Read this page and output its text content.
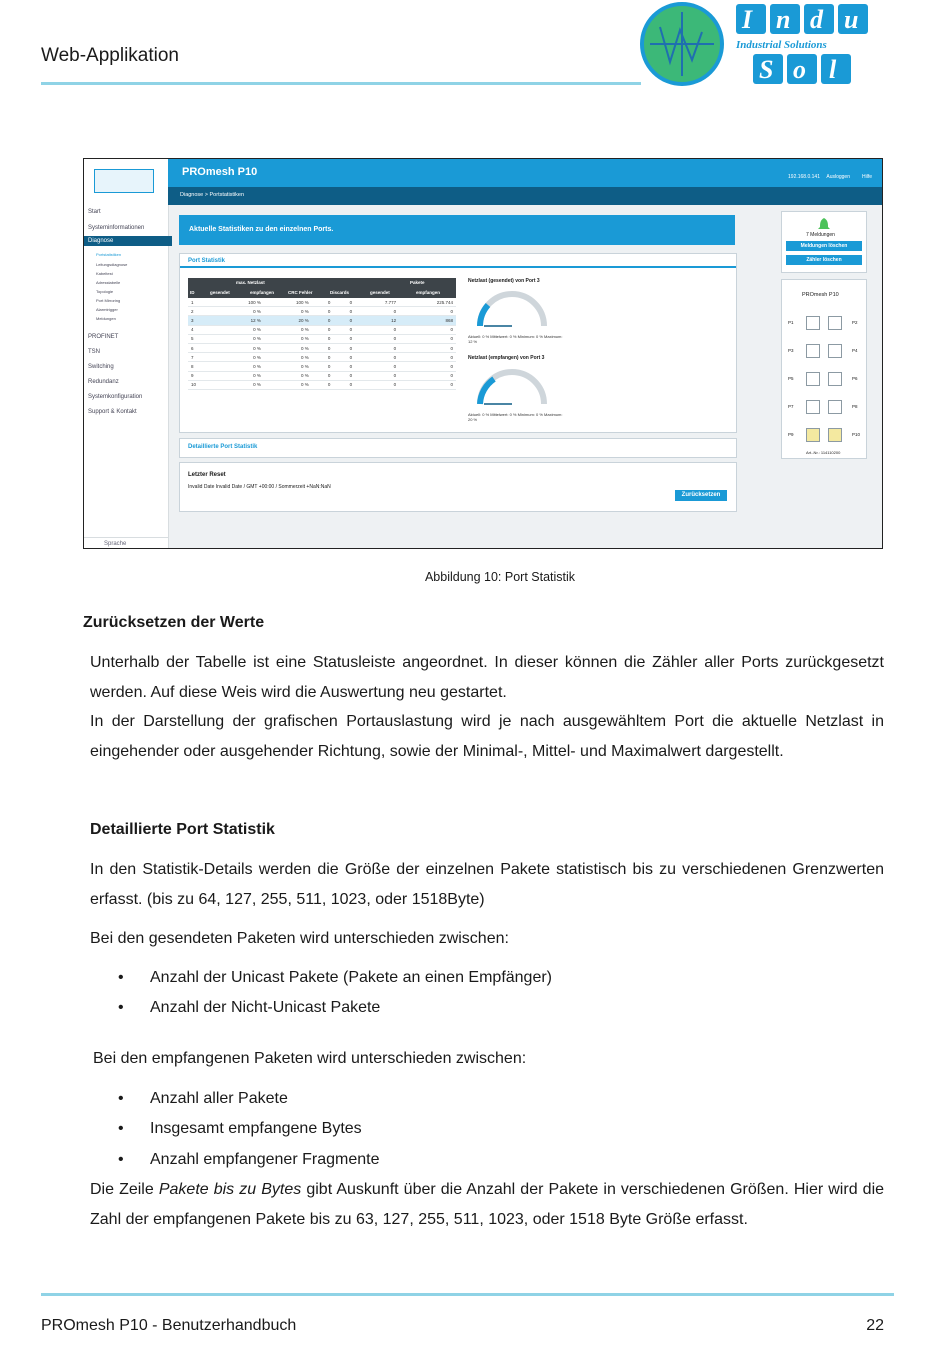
Web-Applikation
I n d u
Industrial Solutions
S o l
Start
Systeminformationen
Diagnose
Portstatistiken
Leitungsdiagnose
Kabeltest
Adresstabelle
Topologie
Port Mirroring
Alarmtrigger
Meldungen
PROFINET
TSN
Switching
Redundanz
Systemkonfiguration
Support & Kontakt
Sprache
PROmesh P10	192.168.0.141 Ausloggen Hilfe
Diagnose > Portstatistiken
Aktuelle Statistiken zu den einzelnen Ports.
Port Statistik
max. Netzlast	Pakete
ID	gesendet	empfangen	CRC Fehler	Discards	gesendet	empfangen
1	100 %	100 %	0	0	7.777	225.744
2	0 %	0 %	0	0	0	0
3	12 %	20 %	0	0	12	868
4	0 %	0 %	0	0	0	0
5	0 %	0 %	0	0	0	0
6	0 %	0 %	0	0	0	0
7	0 %	0 %	0	0	0	0
8	0 %	0 %	0	0	0	0
9	0 %	0 %	0	0	0	0
10	0 %	0 %	0	0	0	0
Netzlast (gesendet) von Port 3
Aktuell: 0 % Mittelwert: 0 % Minimum: 0 % Maximum: 12 %
Netzlast (empfangen) von Port 3
Aktuell: 0 % Mittelwert: 0 % Minimum: 0 % Maximum: 20 %
Detaillierte Port Statistik
Letzter Reset
Invalid Date Invalid Date / GMT +00:00 / Sommerzeit +NaN:NaN
Zurücksetzen
7 Meldungen
Meldungen löschen
Zähler löschen
PROmesh P10
P1	P2
P3	P4
P5	P6
P7	P8
P9	P10
Art.-Nr.: 114110200
Abbildung 10: Port Statistik
Zurücksetzen der Werte
Unterhalb der Tabelle ist eine Statusleiste angeordnet. In dieser können die Zähler aller Ports zurückgesetzt werden. Auf diese Weis wird die Auswertung neu gestartet.
In der Darstellung der grafischen Portauslastung wird je nach ausgewähltem Port die aktuelle Netzlast in eingehender oder ausgehender Richtung, sowie der Minimal-, Mittel- und Maximalwert dargestellt.
Detaillierte Port Statistik
In den Statistik-Details werden die Größe der einzelnen Pakete statistisch bis zu verschiedenen Grenzwerten erfasst. (bis zu 64, 127, 255, 511, 1023, oder 1518Byte)
Bei den gesendeten Paketen wird unterschieden zwischen:
Anzahl der Unicast Pakete (Pakete an einen Empfänger)
Anzahl der Nicht-Unicast Pakete
Bei den empfangenen Paketen wird unterschieden zwischen:
Anzahl aller Pakete
Insgesamt empfangene Bytes
Anzahl empfangener Fragmente
Die Zeile Pakete bis zu Bytes gibt Auskunft über die Anzahl der Pakete in verschiedenen Größen. Hier wird die Zahl der empfangenen Pakete bis zu 63, 127, 255, 511, 1023, oder 1518 Byte Größe erfasst.
PROmesh P10 - Benutzerhandbuch	22
